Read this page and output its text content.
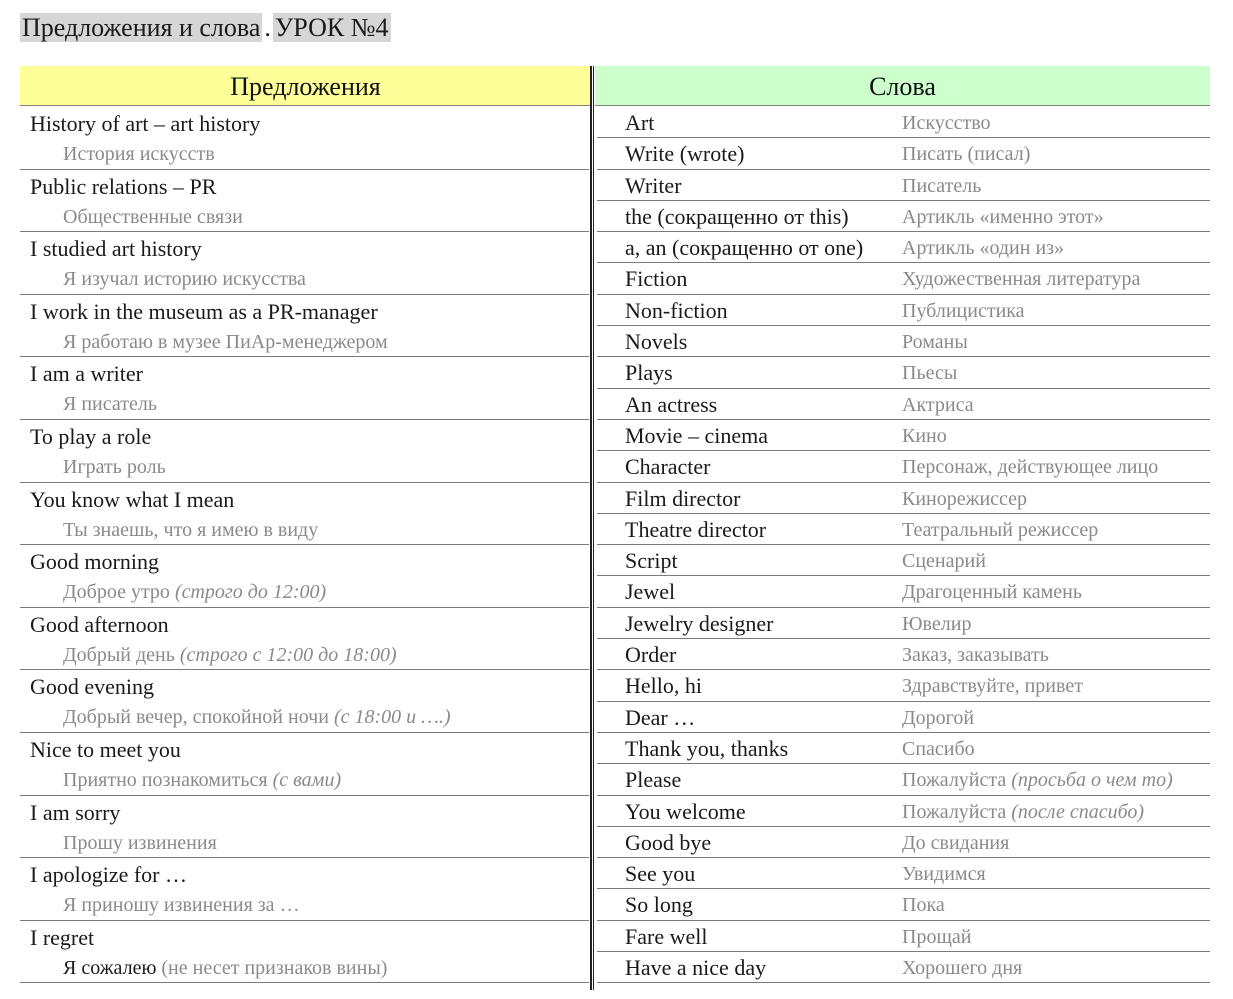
Предложения и слова . УРОК №4
Предложения	Слова
History of art – art history
История искусств
Public relations – PR
Общественные связи
I studied art history
Я изучал историю искусства
I work in the museum as a PR-manager
Я работаю в музее ПиАр-менеджером
I am a writer
Я писатель
To play a role
Играть роль
You know what I mean
Ты знаешь, что я имею в виду
Good morning
Доброе утро (строго до 12:00)
Good afternoon
Добрый день (строго с 12:00 до 18:00)
Good evening
Добрый вечер, спокойной ночи (с 18:00 и ….)
Nice to meet you
Приятно познакомиться (с вами)
I am sorry
Прошу извинения
I apologize for …
Я приношу извинения за …
I regret
Я сожалею (не несет признаков вины)
Art	Искусство
Write (wrote)	Писать (писал)
Writer	Писатель
the (сокращенно от this)	Артикль «именно этот»
a, an (сокращенно от one) Артикль «один из»
Fiction	Художественная литература
Non-fiction	Публицистика
Novels	Романы
Plays	Пьесы
An actress	Актриса
Movie – cinema	Кино
Character	Персонаж, действующее лицо
Film director	Кинорежиссер
Theatre director	Театральный режиссер
Script	Сценарий
Jewel	Драгоценный камень
Jewelry designer	Ювелир
Order	Заказ, заказывать
Hello, hi	Здравствуйте, привет
Dear …	Дорогой
Thank you, thanks	Спасибо
Please	Пожалуйста (просьба о чем то)
You welcome	Пожалуйста (после спасибо)
Good bye	До свидания
See you	Увидимся
So long	Пока
Fare well	Прощай
Have a nice day	Хорошего дня
